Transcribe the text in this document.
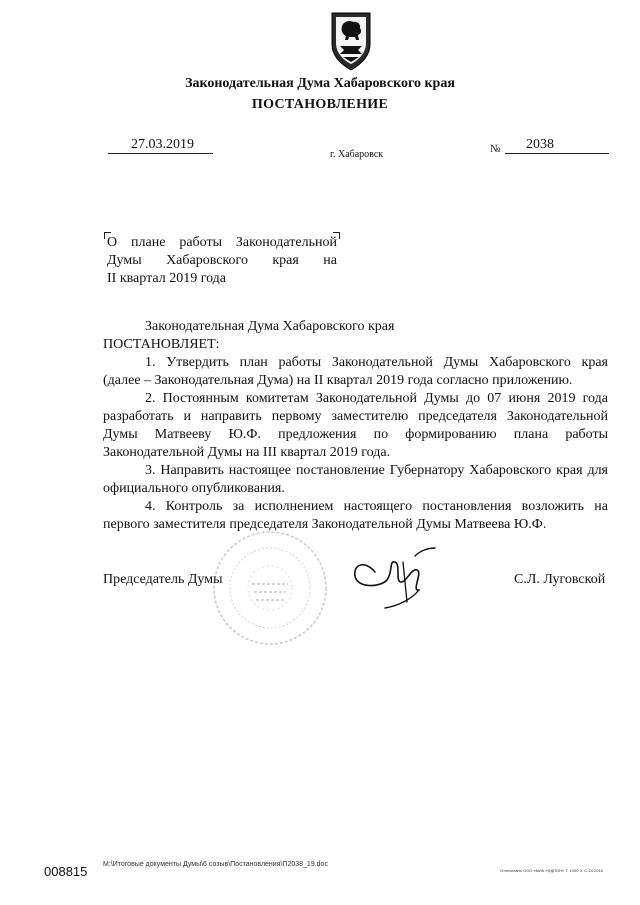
Законодательная Дума Хабаровского края
ПОСТАНОВЛЕНИЕ
27.03.2019
г. Хабаровск	№ 2038
О плане работы Законодательной
Думы Хабаровского края на
II квартал 2019 года
Законодательная Дума Хабаровского края
ПОСТАНОВЛЯЕТ:
1. Утвердить план работы Законодательной Думы Хабаровского края
(далее – Законодательная Дума) на II квартал 2019 года согласно приложению.
2. Постоянным комитетам Законодательной Думы до 07 июня 2019 года
разработать и направить первому заместителю председателя Законодательной
Думы Матвееву Ю.Ф. предложения по формированию плана работы
Законодательной Думы на III квартал 2019 года.
3. Направить настоящее постановление Губернатору Хабаровского края для
официального опубликования.
4. Контроль за исполнением настоящего постановления возложить на
первого заместителя председателя Законодательной Думы Матвеева Ю.Ф.
Председатель Думы	С.Л. Луговской
008815 M:\Итоговые документы Думы\6 созыв\Постановления\П2038_19.doc
Отпечатано ООО «МИК «ФДПОН» Т. 1000 З. С-14 2018
